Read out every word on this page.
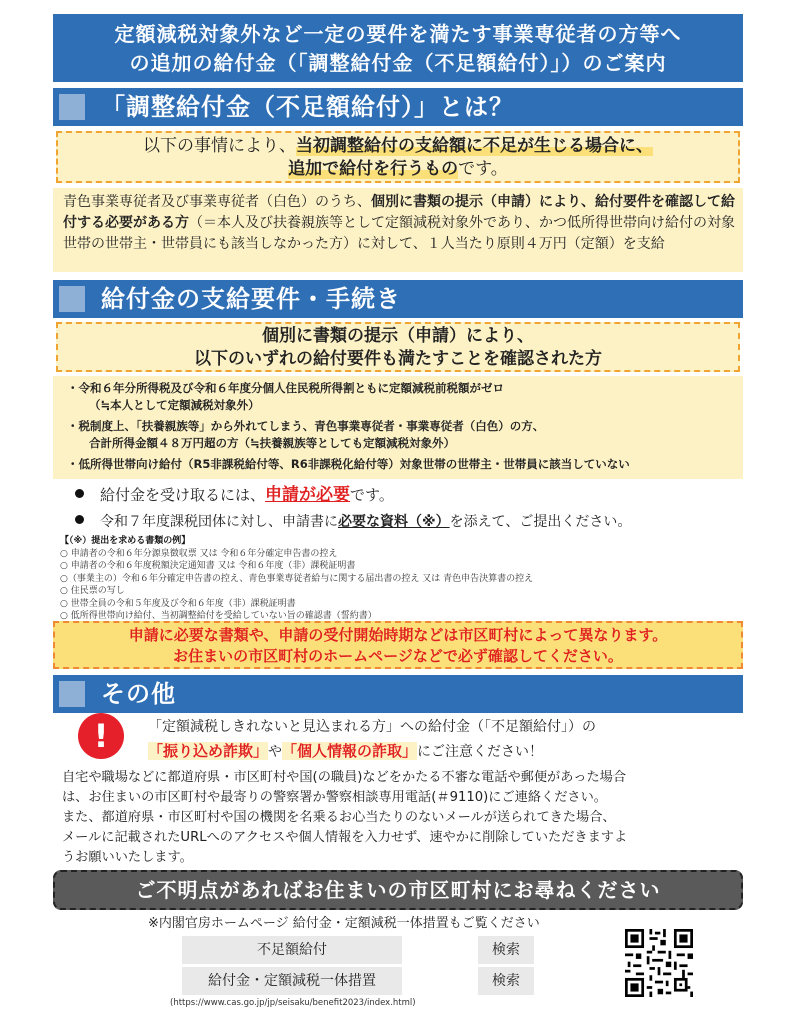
定額減税対象外など一定の要件を満たす事業専従者の方等へ
の追加の給付金（「調整給付金（不足額給付）」）のご案内
「調整給付金（不足額給付）」とは？
以下の事情により、当初調整給付の支給額に不足が生じる場合に、
追加で給付を行うものです。
青色事業専従者及び事業専従者（白色）のうち、個別に書類の提示（申請）により、給付要件を確認して給付する必要がある方（＝本人及び扶養親族等として定額減税対象外であり、かつ低所得世帯向け給付の対象世帯の世帯主・世帯員にも該当しなかった方）に対して、１人当たり原則４万円（定額）を支給
給付金の支給要件・手続き
個別に書類の提示（申請）により、
以下のいずれの給付要件も満たすことを確認された方
・令和６年分所得税及び令和６年度分個人住民税所得割ともに定額減税前税額がゼロ
（≒本人として定額減税対象外）
・税制度上、「扶養親族等」から外れてしまう、青色事業専従者・事業専従者（白色）の方、
合計所得金額４８万円超の方（≒扶養親族等としても定額減税対象外）
・低所得世帯向け給付（R5非課税給付等、R6非課税化給付等）対象世帯の世帯主・世帯員に該当していない
給付金を受け取るには、申請が必要です。
令和７年度課税団体に対し、申請書に必要な資料（※）を添えて、ご提出ください。
【（※）提出を求める書類の例】
○ 申請者の令和６年分源泉徴収票 又は 令和６年分確定申告書の控え
○ 申請者の令和６年度税額決定通知書 又は 令和６年度（非）課税証明書
○（事業主の）令和６年分確定申告書の控え、青色事業専従者給与に関する届出書の控え 又は 青色申告決算書の控え
○ 住民票の写し
○ 世帯全員の令和５年度及び令和６年度（非）課税証明書
○ 低所得世帯向け給付、当初調整給付を受給していない旨の確認書（誓約書）
申請に必要な書類や、申請の受付開始時期などは市区町村によって異なります。
お住まいの市区町村のホームページなどで必ず確認してください。
その他
!	「定額減税しきれないと見込まれる方」への給付金（「不足額給付」）の
「振り込め詐欺」や「個人情報の詐取」にご注意ください！
自宅や職場などに都道府県・市区町村や国(の職員)などをかたる不審な電話や郵便があった場合
は、お住まいの市区町村や最寄りの警察署か警察相談専用電話(＃9110)にご連絡ください。
また、都道府県・市区町村や国の機関を名乗るお心当たりのないメールが送られてきた場合、
メールに記載されたURLへのアクセスや個人情報を入力せず、速やかに削除していただきますよ
うお願いいたします。
ご不明点があればお住まいの市区町村にお尋ねください
※内閣官房ホームページ 給付金・定額減税一体措置もご覧ください
不足額給付	検索
給付金・定額減税一体措置	検索
(https://www.cas.go.jp/jp/seisaku/benefit2023/index.html)
